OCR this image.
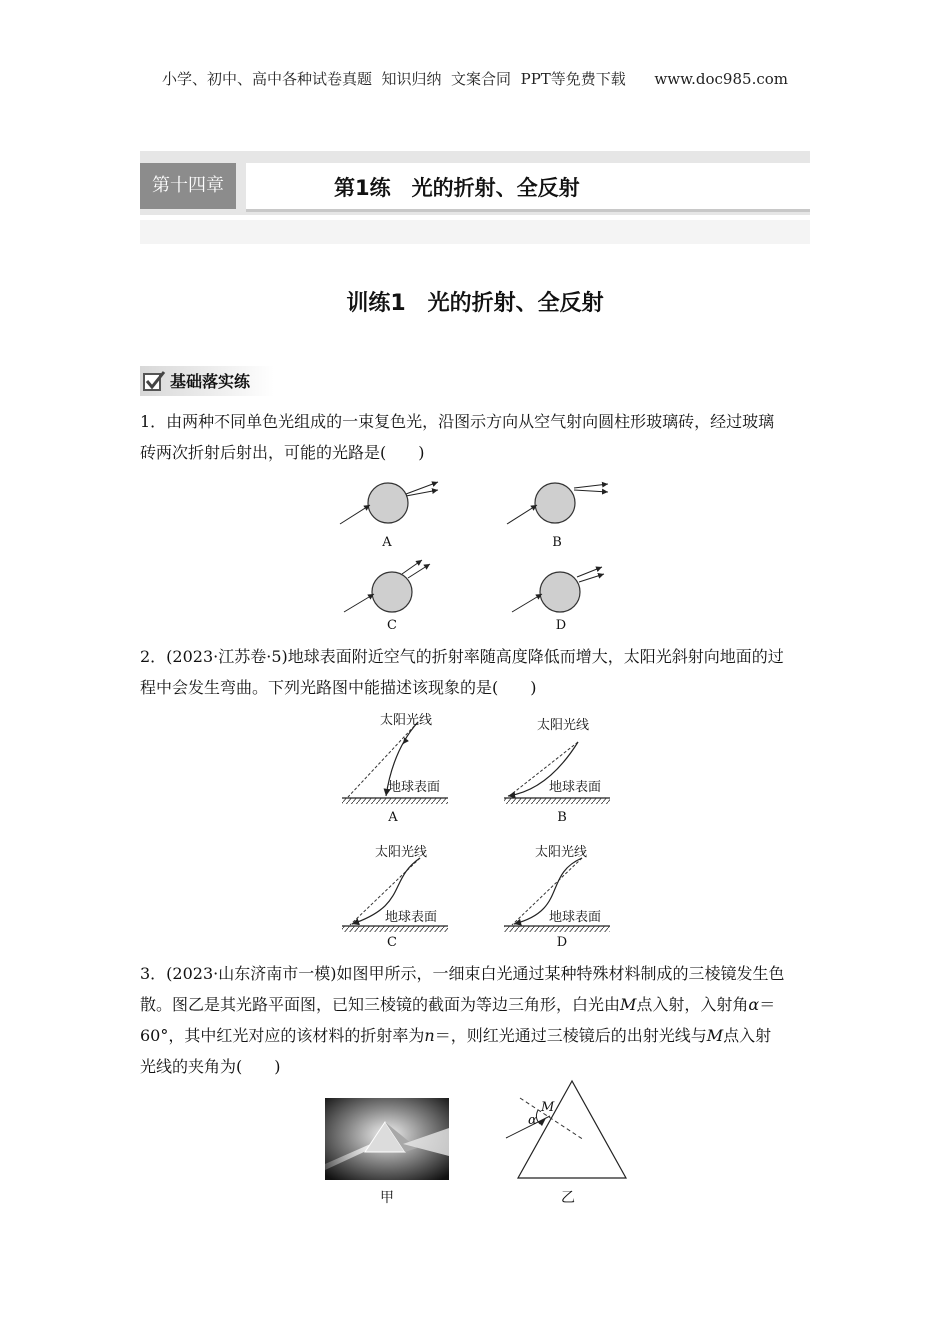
小学、初中、高中各种试卷真题  知识归纳  文案合同  PPT等免费下载      www.doc985.com
第十四章	第1练　光的折射、全反射
训练1　光的折射、全反射
基础落实练
1．由两种不同单色光组成的一束复色光，沿图示方向从空气射向圆柱形玻璃砖，经过玻璃
砖两次折射后射出，可能的光路是(　　)
A	B
C	D
2．(2023·江苏卷·5)地球表面附近空气的折射率随高度降低而增大，太阳光斜射向地面的过
程中会发生弯曲。下列光路图中能描述该现象的是(　　)
太阳光线
地球表面
太阳光线
地球表面
太阳光线
地球表面
太阳光线
地球表面
A	B
C	D
3．(2023·山东济南市一模)如图甲所示，一细束白光通过某种特殊材料制成的三棱镜发生色
散。图乙是其光路平面图，已知三棱镜的截面为等边三角形，白光由M点入射，入射角α＝
60°，其中红光对应的该材料的折射率为n＝，则红光通过三棱镜后的出射光线与M点入射
光线的夹角为(　　)
M
α
甲	乙
